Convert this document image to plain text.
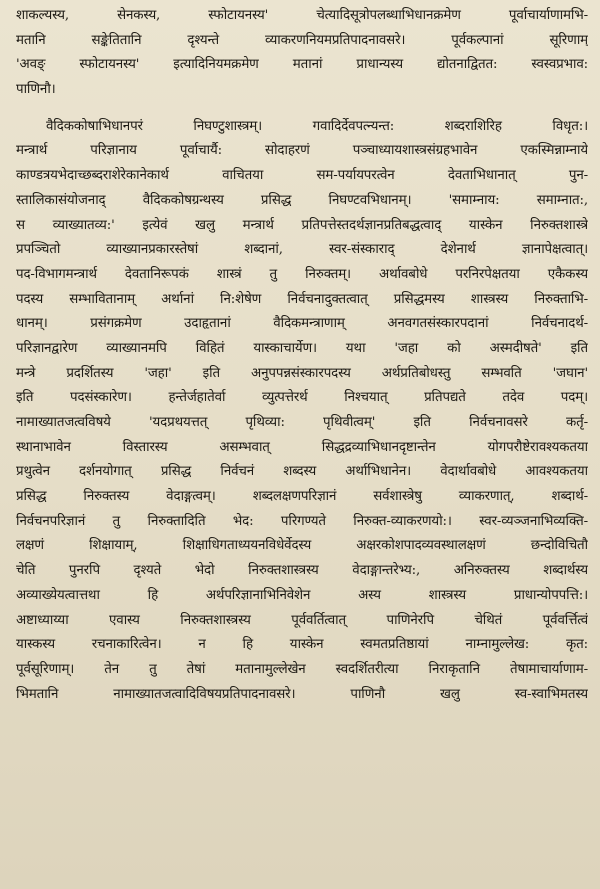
शाकल्यस्य, सेनकस्य, स्फोटायनस्य' चेत्यादिसूत्रोपलब्धाभिधानक्रमेण पूर्वाचार्याणामभि-
मतानि सङ्केतितानि दृश्यन्ते व्याकरणनियमप्रतिपादनावसरे। पूर्वकल्पानां सूरिणाम्
'अवङ् स्फोटायनस्य' इत्यादिनियमक्रमेण मतानां प्राधान्यस्य द्योतनाद्वितत: स्वस्वप्रभाव:
पाणिनौ।
वैदिककोषाभिधानपरं निघण्टुशास्त्रम्। गवादिर्देवपत्न्यन्त: शब्दराशिरिह विधृत:।
मन्त्रार्थ परिज्ञानाय पूर्वाचार्यै: सोदाहरणं पञ्चाध्यायशास्त्रसंग्रहभावेन एकस्मिन्नाम्नाये
काण्डत्रयभेदाच्छब्दराशेरेकानेकार्थ वाचितया सम-पर्यायपरत्वेन देवताभिधानात् पुन-
स्तालिकासंयोजनाद् वैदिककोषग्रन्थस्य प्रसिद्ध निघण्टवभिधानम्। 'समाम्नाय: समाम्नात:,
स व्याख्यातव्य:' इत्येवं खलु मन्त्रार्थ प्रतिपत्तेस्तदर्थज्ञानप्रतिबद्धत्वाद् यास्केन निरुक्तशास्त्रे
प्रपञ्चितो व्याख्यानप्रकारस्तेषां शब्दानां, स्वर-संस्काराद् देशेनार्थ ज्ञानापेक्षत्वात्।
पद-विभागमन्त्रार्थ देवतानिरूपकं शास्त्रं तु निरुक्तम्। अर्थावबोधे परनिरपेक्षतया एकैकस्य
पदस्य सम्भावितानाम् अर्थानां नि:शेषेण निर्वचनादुक्तत्वात् प्रसिद्धमस्य शास्त्रस्य निरुक्ताभि-
धानम्। प्रसंगक्रमेण उदाहृतानां वैदिकमन्त्राणाम् अनवगतसंस्कारपदानां निर्वचनादर्थ-
परिज्ञानद्वारेण व्याख्यानमपि विहितं यास्काचार्येण। यथा 'जहा को अस्मदीषते' इति
मन्त्रे प्रदर्शितस्य 'जहा' इति अनुपपन्नसंस्कारपदस्य अर्थप्रतिबोधस्तु सम्भवति 'जघान'
इति पदसंस्कारेण। हन्तेर्जहातेर्वा व्युत्पत्तेरर्थ निश्चयात् प्रतिपद्यते तदेव पदम्।
नामाख्यातजत्वविषये 'यदप्रथयत्तत् पृथिव्या: पृथिवीत्वम्' इति निर्वचनावसरे कर्तृ-
स्थानाभावेन विस्तारस्य असम्भवात् सिद्धद्रव्याभिधानदृष्टान्तेन योगपरौष्टेरावश्यकतया
प्रथुत्वेन दर्शनयोगात् प्रसिद्ध निर्वचनं शब्दस्य अर्थाभिधानेन। वेदार्थावबोधे आवश्यकतया
प्रसिद्ध निरुक्तस्य वेदाङ्गत्वम्। शब्दलक्षणपरिज्ञानं सर्वशास्त्रेषु व्याकरणात्, शब्दार्थ-
निर्वचनपरिज्ञानं तु निरुक्तादिति भेद: परिगण्यते निरुक्त-व्याकरणयो:। स्वर-व्यञ्जनाभिव्यक्ति-
लक्षणं शिक्षायाम्, शिक्षाधिगताध्ययनविधेर्वेदस्य अक्षरकोशपादव्यवस्थालक्षणं छन्दोविचितौ
चेति पुनरपि दृश्यते भेदो निरुक्तशास्त्रस्य वेदाङ्गान्तरेभ्य:, अनिरुक्तस्य शब्दार्थस्य
अव्याख्येयत्वात्तथा हि अर्थपरिज्ञानाभिनिवेशेन अस्य शास्त्रस्य प्राधान्योपपत्ति:।
अष्टाध्याय्या एवास्य निरुक्तशास्त्रस्य पूर्ववर्तित्वात् पाणिनेरपि चेथितं पूर्ववर्त्तित्वं
यास्कस्य रचनाकारित्वेन। न हि यास्केन स्वमतप्रतिष्ठायां नाम्नामुल्लेख: कृत:
पूर्वसूरिणाम्। तेन तु तेषां मतानामुल्लेखेन स्वदर्शितरीत्या निराकृतानि तेषामाचार्याणाम-
भिमतानि नामाख्यातजत्वादिविषयप्रतिपादनावसरे। पाणिनौ खलु स्व-स्वाभिमतस्य
